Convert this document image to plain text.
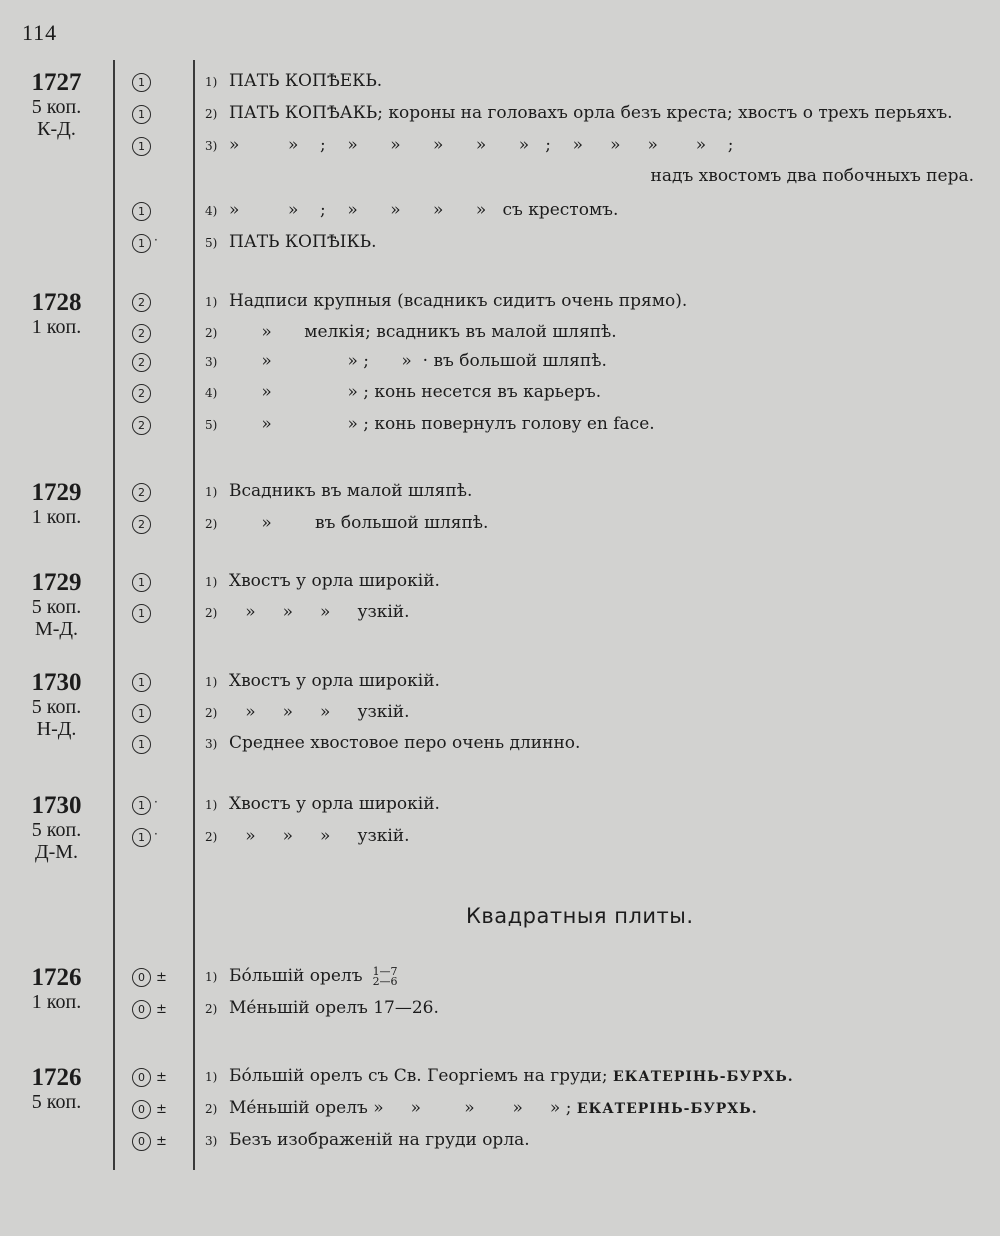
114
Квадратныя плиты.
1727
5 коп.
К-Д.
1	1) ПАТЬ КОПѢЕКЬ.
1	2) ПАТЬ КОПѢАКЬ; короны на головахъ орла безъ креста; хвостъ о трехъ перьяхъ.
1	3) »         »    ;    »      »      »      »      »   ;    »     »     »       »    ;
надъ хвостомъ два побочныхъ пера.
1	4) »         »    ;    »      »      »      »   съ крестомъ.
1 ·	5) ПАТЬ КОПѢIКЬ.
1728
1 коп.
2	1) Надписи крупныя (всадникъ сидитъ очень прямо).
2	2)      »      мелкія; всадникъ въ малой шляпѣ.
2	3)      »              » ;      »  · въ большой шляпѣ.
2	4)      »              » ; конь несется въ карьеръ.
2	5)      »              » ; конь повернулъ голову en face.
1729
1 коп.
2	1) Всадникъ въ малой шляпѣ.
2	2)      »        въ большой шляпѣ.
1729
5 коп.
М-Д.
1	1) Хвостъ у орла широкій.
1	2)   »     »     »     узкій.
1730
5 коп.
Н-Д.
1	1) Хвостъ у орла широкій.
1	2)   »     »     »     узкій.
1	3) Среднее хвостовое перо очень длинно.
1730
5 коп.
Д-М.
1 ·	1) Хвостъ у орла широкій.
1 ·	2)   »     »     »     узкій.
1726
1 коп.
0 ±	1) Бо́льшій орелъ 1—7
2—6
0 ±	2) Ме́ньшій орелъ 17—26.
1726
5 коп.
0 ±	1) Бо́льшій орелъ съ Св. Георгіемъ на груди; ЕКАТЕРІНЬ-БУРХЬ.
0 ±	2) Ме́ньшій орелъ »     »        »       »     » ; ЕКАТЕРІНЬ-БУРХЬ.
0 ±	3) Безъ изображеній на груди орла.
